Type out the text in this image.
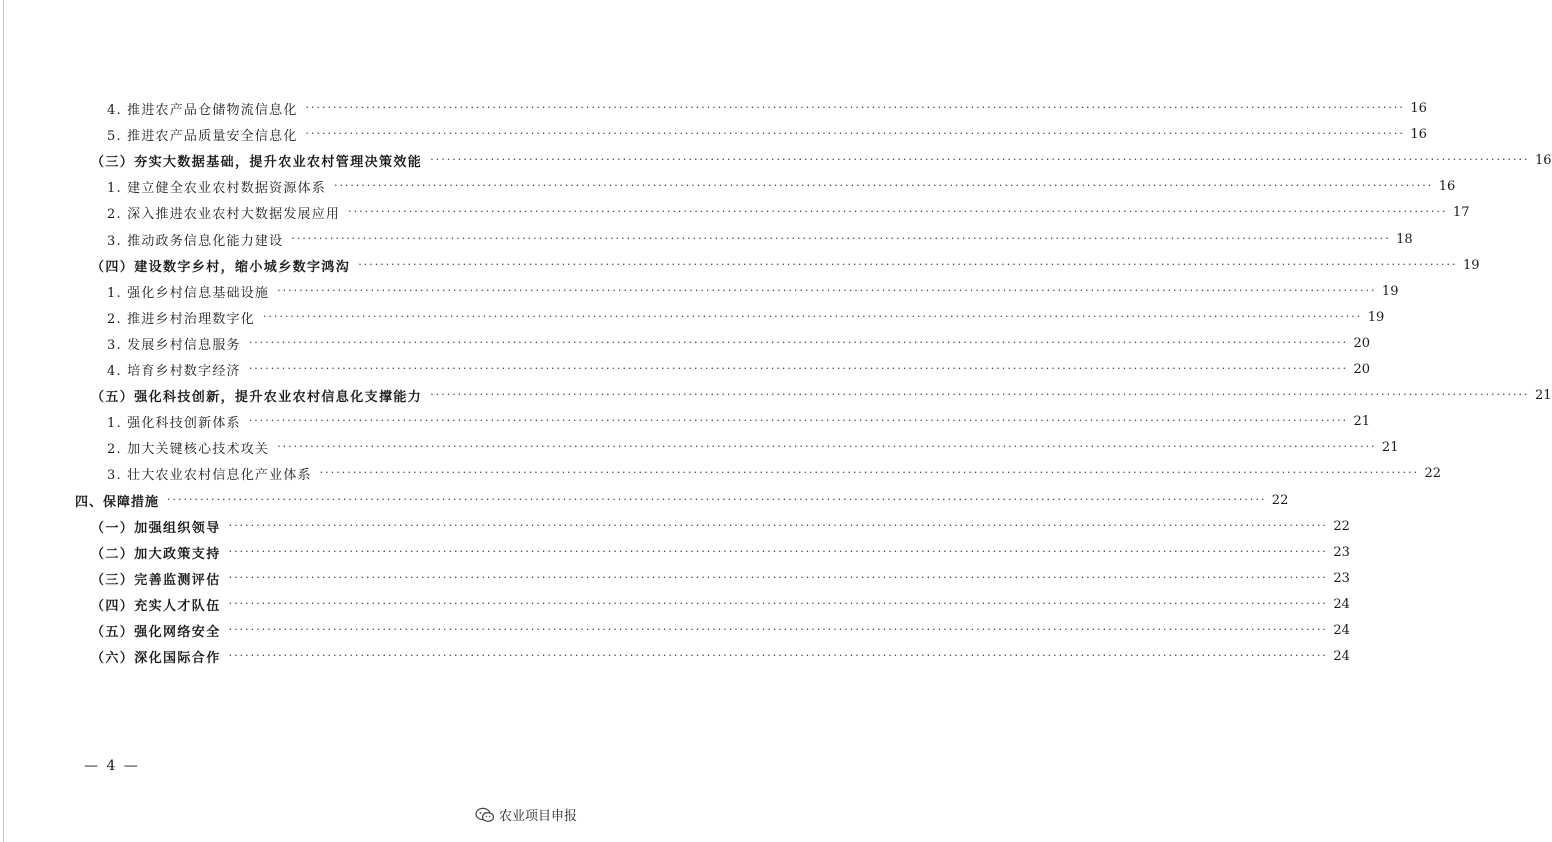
4. 推进农产品仓储物流信息化 ········································································································································································································ 16
5. 推进农产品质量安全信息化 ········································································································································································································ 16
（三）夯实大数据基础，提升农业农村管理决策效能 ········································································································································································································ 16
1. 建立健全农业农村数据资源体系 ········································································································································································································ 16
2. 深入推进农业农村大数据发展应用 ········································································································································································································ 17
3. 推动政务信息化能力建设 ········································································································································································································ 18
（四）建设数字乡村，缩小城乡数字鸿沟 ········································································································································································································ 19
1. 强化乡村信息基础设施 ········································································································································································································ 19
2. 推进乡村治理数字化 ········································································································································································································ 19
3. 发展乡村信息服务 ········································································································································································································ 20
4. 培育乡村数字经济 ········································································································································································································ 20
（五）强化科技创新，提升农业农村信息化支撑能力 ········································································································································································································ 21
1. 强化科技创新体系 ········································································································································································································ 21
2. 加大关键核心技术攻关 ········································································································································································································ 21
3. 壮大农业农村信息化产业体系 ········································································································································································································ 22
四、保障措施 ········································································································································································································ 22
（一）加强组织领导 ········································································································································································································ 22
（二）加大政策支持 ········································································································································································································ 23
（三）完善监测评估 ········································································································································································································ 23
（四）充实人才队伍 ········································································································································································································ 24
（五）强化网络安全 ········································································································································································································ 24
（六）深化国际合作 ········································································································································································································ 24
— 4 —
农业项目申报
